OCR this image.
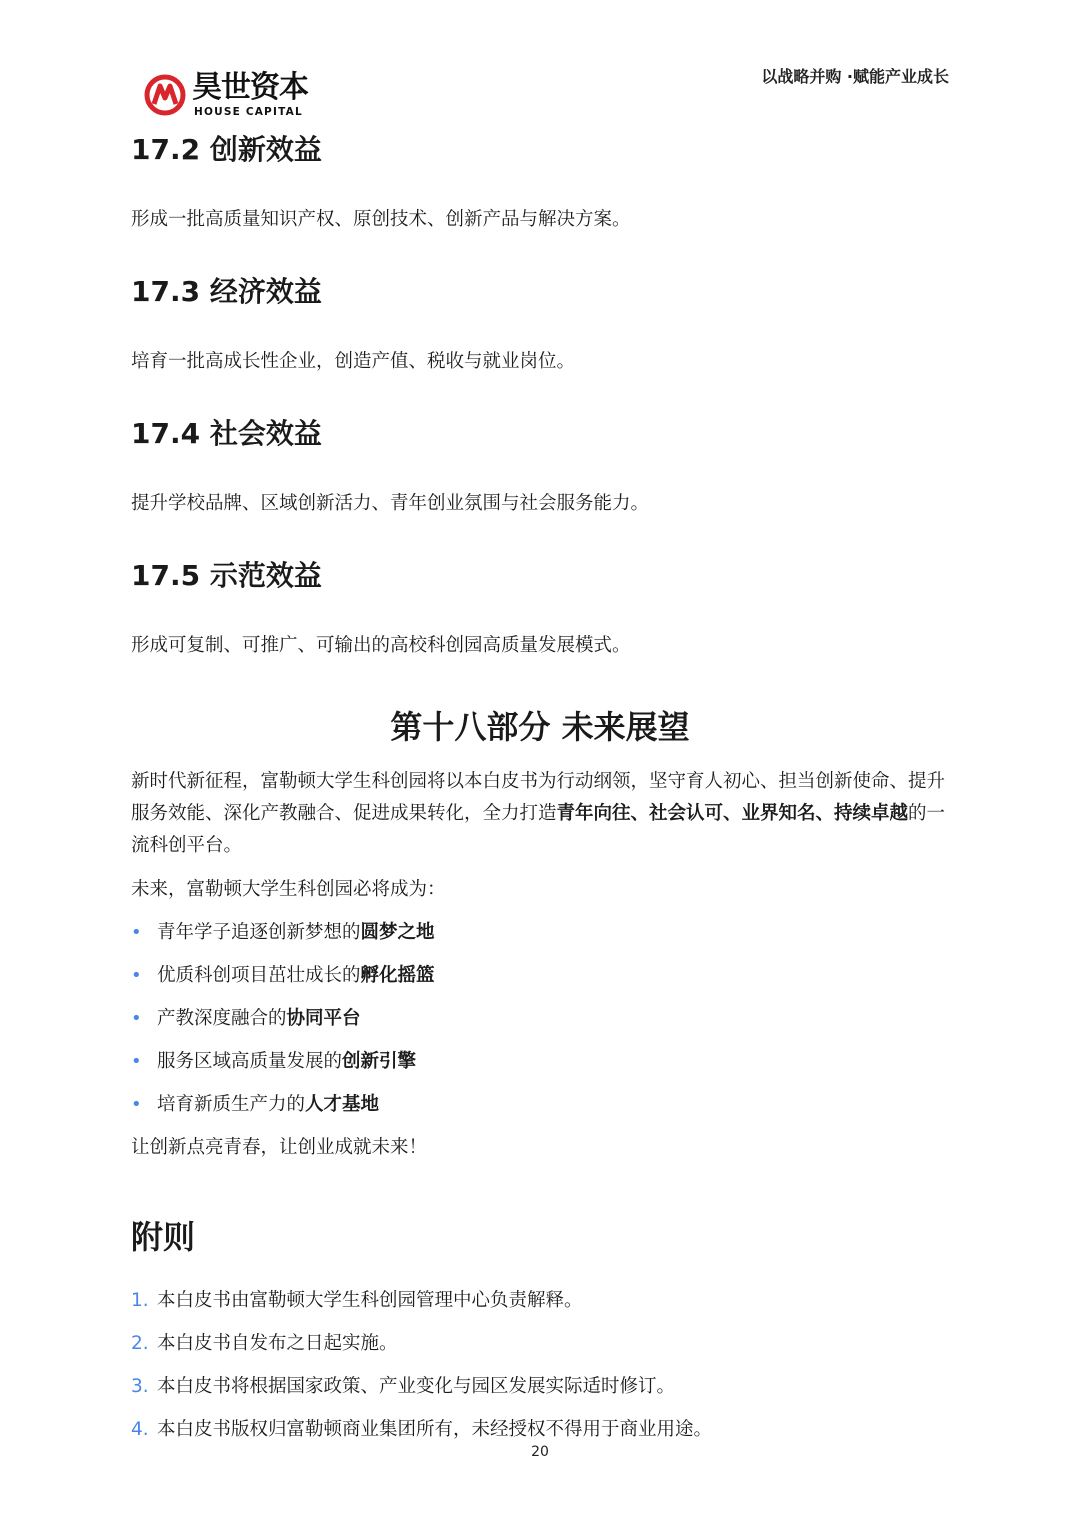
昊世资本
HOUSE CAPITAL
以战略并购 ·赋能产业成长
17.2 创新效益

形成一批高质量知识产权、原创技术、创新产品与解决方案。

17.3 经济效益

培育一批高成长性企业，创造产值、税收与就业岗位。

17.4 社会效益

提升学校品牌、区域创新活力、青年创业氛围与社会服务能力。

17.5 示范效益

形成可复制、可推广、可输出的高校科创园高质量发展模式。

第十八部分 未来展望

新时代新征程，富勒顿大学生科创园将以本白皮书为行动纲领，坚守育人初心、担当创新使命、提升服务效能、深化产教融合、促进成果转化，全力打造青年向往、社会认可、业界知名、持续卓越的一流科创平台。

未来，富勒顿大学生科创园必将成为：

• 青年学子追逐创新梦想的圆梦之地
• 优质科创项目茁壮成长的孵化摇篮
• 产教深度融合的协同平台
• 服务区域高质量发展的创新引擎
• 培育新质生产力的人才基地

让创新点亮青春，让创业成就未来！

附则
1. 本白皮书由富勒顿大学生科创园管理中心负责解释。
2. 本白皮书自发布之日起实施。
3. 本白皮书将根据国家政策、产业变化与园区发展实际适时修订。
4. 本白皮书版权归富勒顿商业集团所有，未经授权不得用于商业用途。
20
